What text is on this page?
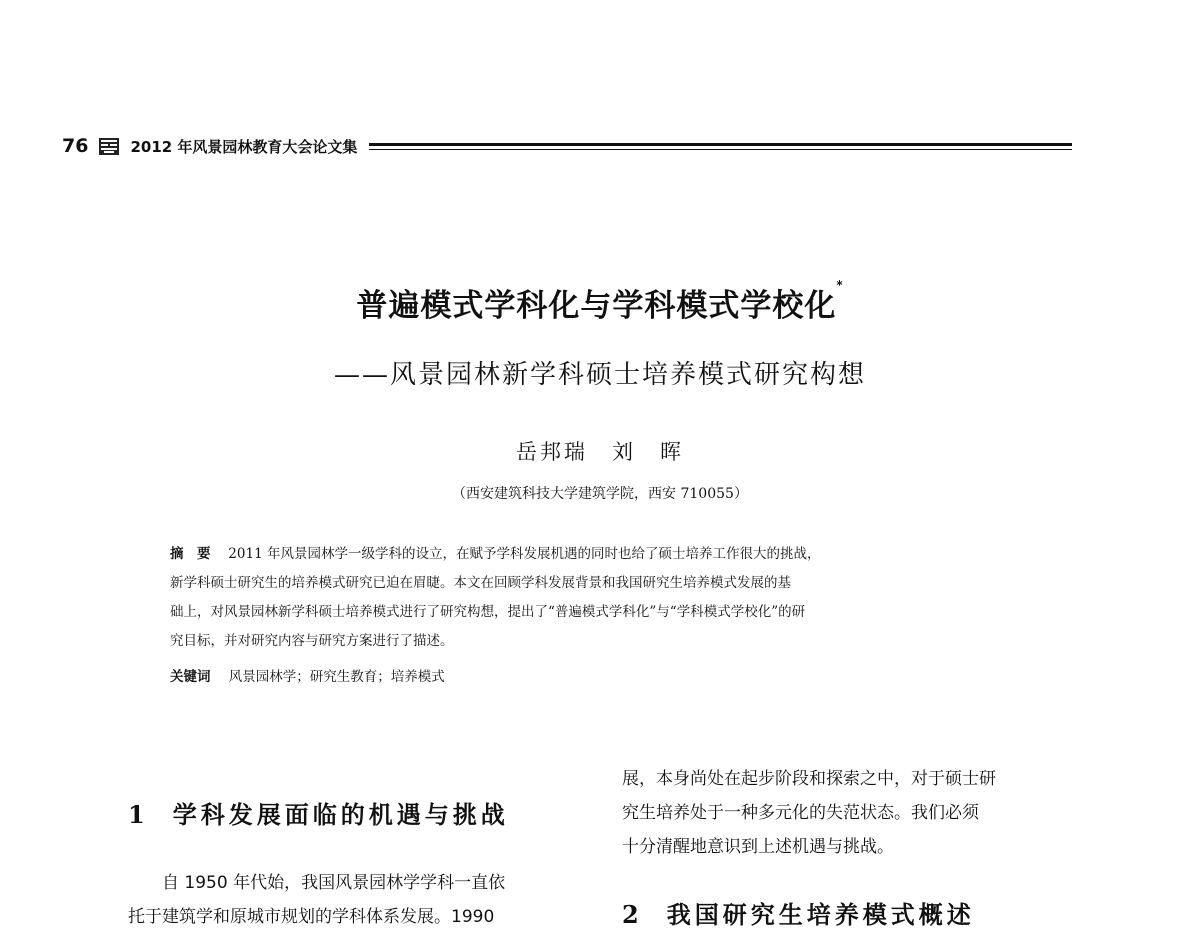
76	2012 年风景园林教育大会论文集
普遍模式学科化与学科模式学校化*
——风景园林新学科硕士培养模式研究构想
岳邦瑞　刘　晖
（西安建筑科技大学建筑学院，西安 710055）
摘　要　 2011 年风景园林学一级学科的设立，在赋予学科发展机遇的同时也给了硕士培养工作很大的挑战，
新学科硕士研究生的培养模式研究已迫在眉睫。本文在回顾学科发展背景和我国研究生培养模式发展的基
础上，对风景园林新学科硕士培养模式进行了研究构想，提出了“普遍模式学科化”与“学科模式学校化”的研
究目标，并对研究内容与研究方案进行了描述。
关键词 风景园林学；研究生教育；培养模式
展，本身尚处在起步阶段和探索之中，对于硕士研
究生培养处于一种多元化的失范状态。我们必须
十分清醒地意识到上述机遇与挑战。
1 学科发展面临的机遇与挑战
自 1950 年代始，我国风景园林学学科一直依
托于建筑学和原城市规划的学科体系发展。1990	2 我国研究生培养模式概述
